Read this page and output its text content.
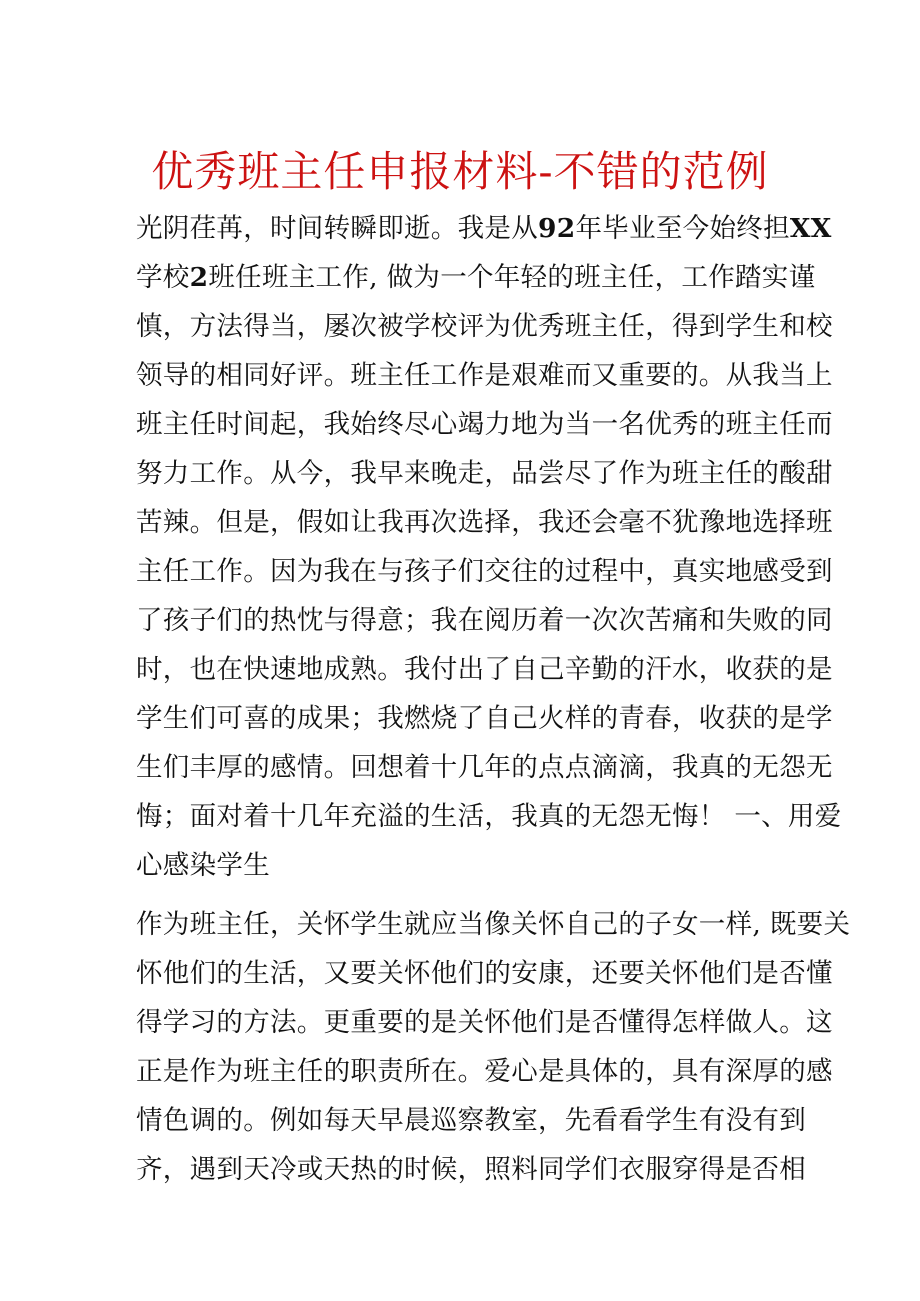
优秀班主任申报材料-不错的范例
光阴荏苒，时间转瞬即逝。我是从92年毕业至今始终担XX
学校2班任班主工作, 做为一个年轻的班主任，工作踏实谨
慎，方法得当，屡次被学校评为优秀班主任，得到学生和校
领导的相同好评。班主任工作是艰难而又重要的。从我当上
班主任时间起，我始终尽心竭力地为当一名优秀的班主任而
努力工作。从今，我早来晚走，品尝尽了作为班主任的酸甜
苦辣。但是，假如让我再次选择，我还会毫不犹豫地选择班
主任工作。因为我在与孩子们交往的过程中，真实地感受到
了孩子们的热忱与得意；我在阅历着一次次苦痛和失败的同
时，也在快速地成熟。我付出了自己辛勤的汗水，收获的是
学生们可喜的成果；我燃烧了自己火样的青春，收获的是学
生们丰厚的感情。回想着十几年的点点滴滴，我真的无怨无
悔；面对着十几年充溢的生活，我真的无怨无悔！ 一、用爱
心感染学生
作为班主任，关怀学生就应当像关怀自己的子女一样, 既要关
怀他们的生活，又要关怀他们的安康，还要关怀他们是否懂
得学习的方法。更重要的是关怀他们是否懂得怎样做人。这
正是作为班主任的职责所在。爱心是具体的，具有深厚的感
情色调的。例如每天早晨巡察教室，先看看学生有没有到
齐，遇到天冷或天热的时候，照料同学们衣服穿得是否相
